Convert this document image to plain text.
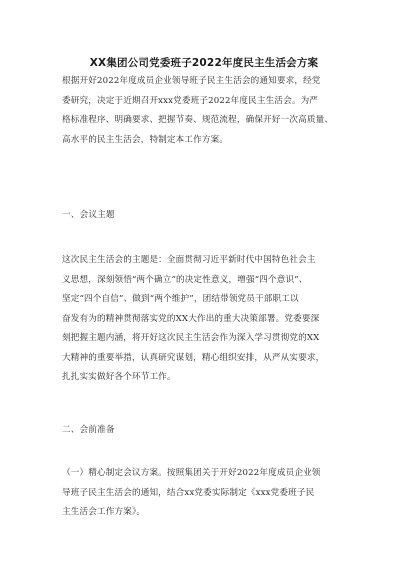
XX集团公司党委班子2022年度民主生活会方案
根据开好2022年度成员企业领导班子民主生活会的通知要求，经党
委研究，决定于近期召开xxx党委班子2022年度民主生活会。为严
格标准程序、明确要求、把握节奏、规范流程，确保开好一次高质量、
高水平的民主生活会，特制定本工作方案。
一、会议主题
这次民主生活会的主题是：全面贯彻习近平新时代中国特色社会主
义思想，深刻领悟“两个确立”的决定性意义，增强“四个意识”、
坚定“四个自信”、做到“两个维护”，团结带领党员干部职工以
奋发有为的精神贯彻落实党的XX大作出的重大决策部署。党委要深
刻把握主题内涵，将开好这次民主生活会作为深入学习贯彻党的XX
大精神的重要举措，认真研究谋划，精心组织安排，从严从实要求，
扎扎实实做好各个环节工作。
二、会前准备
（一）精心制定会议方案。按照集团关于开好2022年度成员企业领
导班子民主生活会的通知，结合xx党委实际制定《xxx党委班子民
主生活会工作方案》。
